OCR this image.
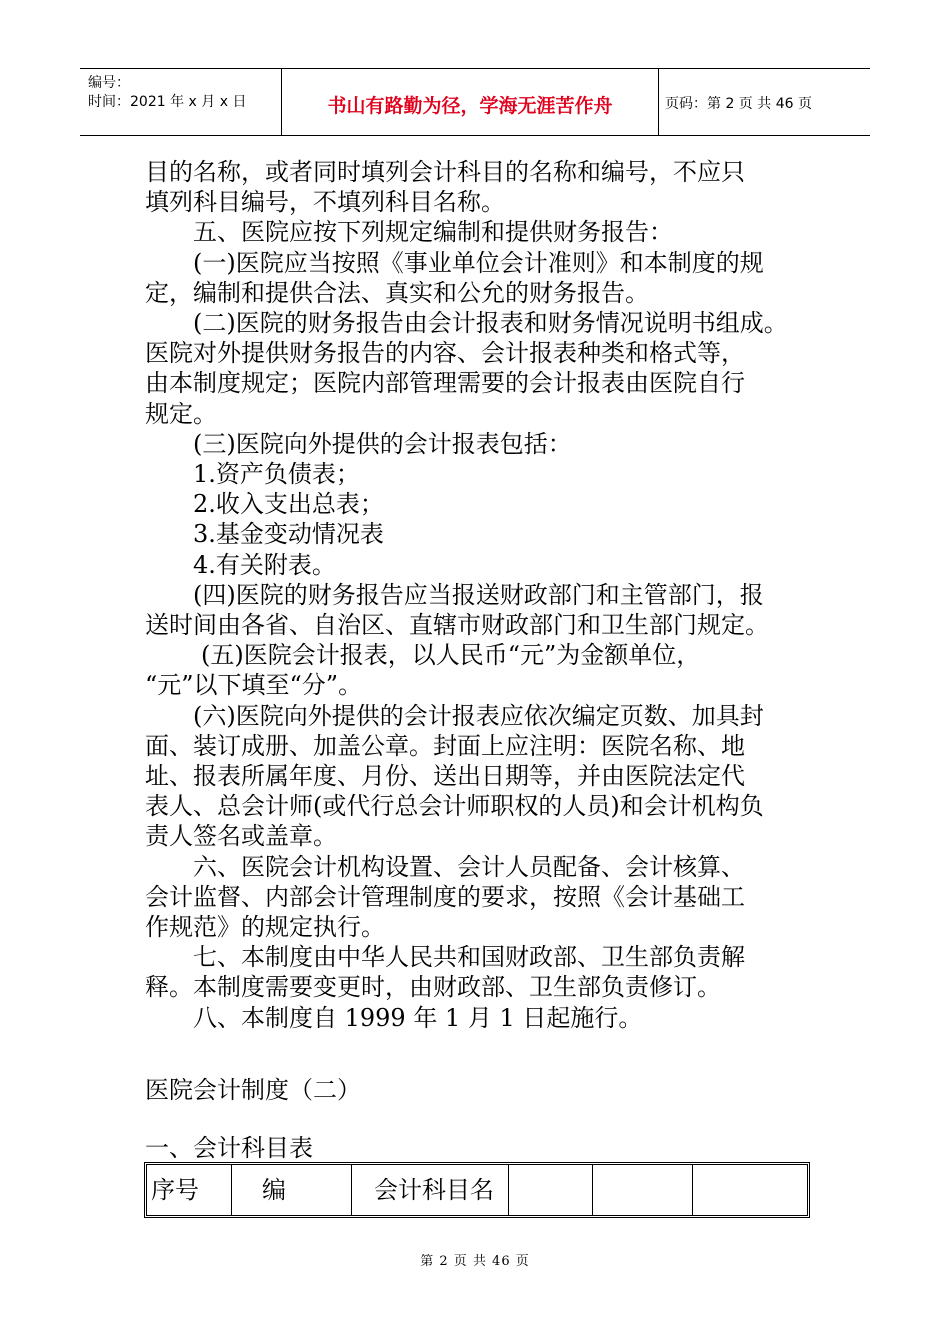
编号：
时间：2021 年 x 月 x 日	书山有路勤为径，学海无涯苦作舟	页码：第 2 页 共 46 页

目的名称，或者同时填列会计科目的名称和编号，不应只

填列科目编号，不填列科目名称。

五、医院应按下列规定编制和提供财务报告：

(一)医院应当按照《事业单位会计准则》和本制度的规

定，编制和提供合法、真实和公允的财务报告。

(二)医院的财务报告由会计报表和财务情况说明书组成。

医院对外提供财务报告的内容、会计报表种类和格式等，

由本制度规定；医院内部管理需要的会计报表由医院自行

规定。

(三)医院向外提供的会计报表包括：

1.资产负债表；

2.收入支出总表；

3.基金变动情况表

4.有关附表。

(四)医院的财务报告应当报送财政部门和主管部门，报

送时间由各省、自治区、直辖市财政部门和卫生部门规定。

(五)医院会计报表，以人民币“元”为金额单位，

“元”以下填至“分”。

(六)医院向外提供的会计报表应依次编定页数、加具封

面、装订成册、加盖公章。封面上应注明：医院名称、地

址、报表所属年度、月份、送出日期等，并由医院法定代

表人、总会计师(或代行总会计师职权的人员)和会计机构负

责人签名或盖章。

六、医院会计机构设置、会计人员配备、会计核算、

会计监督、内部会计管理制度的要求，按照《会计基础工

作规范》的规定执行。

七、本制度由中华人民共和国财政部、卫生部负责解

释。本制度需要变更时，由财政部、卫生部负责修订。

八、本制度自 1999 年 1 月 1 日起施行。

医院会计制度（二）
一、会计科目表
序号	编	会计科目名
第 2 页 共 46 页
